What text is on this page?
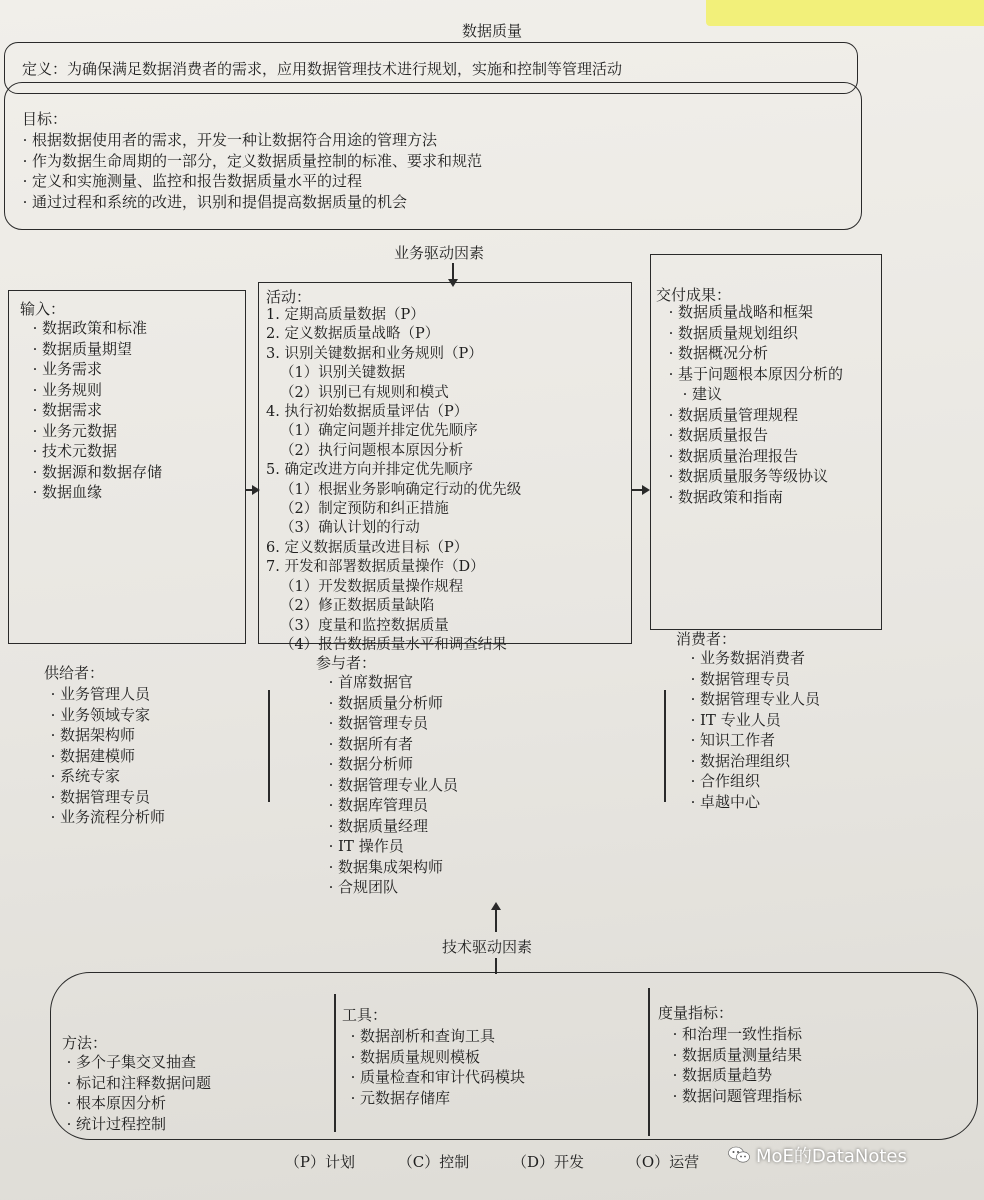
数据质量
定义：为确保满足数据消费者的需求，应用数据管理技术进行规划，实施和控制等管理活动
目标：
· 根据数据使用者的需求，开发一种让数据符合用途的管理方法
· 作为数据生命周期的一部分，定义数据质量控制的标准、要求和规范
· 定义和实施测量、监控和报告数据质量水平的过程
· 通过过程和系统的改进，识别和提倡提高数据质量的机会
业务驱动因素
输入：
· 数据政策和标准
· 数据质量期望
· 业务需求
· 业务规则
· 数据需求
· 业务元数据
· 技术元数据
· 数据源和数据存储
· 数据血缘
活动：
1. 定期高质量数据（P）
2. 定义数据质量战略（P）
3. 识别关键数据和业务规则（P）
（1）识别关键数据
（2）识别已有规则和模式
4. 执行初始数据质量评估（P）
（1）确定问题并排定优先顺序
（2）执行问题根本原因分析
5. 确定改进方向并排定优先顺序
（1）根据业务影响确定行动的优先级
（2）制定预防和纠正措施
（3）确认计划的行动
6. 定义数据质量改进目标（P）
7. 开发和部署数据质量操作（D）
（1）开发数据质量操作规程
（2）修正数据质量缺陷
（3）度量和监控数据质量
（4）报告数据质量水平和调查结果
交付成果：
· 数据质量战略和框架
· 数据质量规划组织
· 数据概况分析
· 基于问题根本原因分析的
· 建议
· 数据质量管理规程
· 数据质量报告
· 数据质量治理报告
· 数据质量服务等级协议
· 数据政策和指南
供给者：
· 业务管理人员
· 业务领域专家
· 数据架构师
· 数据建模师
· 系统专家
· 数据管理专员
· 业务流程分析师
参与者：
· 首席数据官
· 数据质量分析师
· 数据管理专员
· 数据所有者
· 数据分析师
· 数据管理专业人员
· 数据库管理员
· 数据质量经理
· IT 操作员
· 数据集成架构师
· 合规团队
消费者：
· 业务数据消费者
· 数据管理专员
· 数据管理专业人员
· IT 专业人员
· 知识工作者
· 数据治理组织
· 合作组织
· 卓越中心
技术驱动因素
方法：
· 多个子集交叉抽查
· 标记和注释数据问题
· 根本原因分析
· 统计过程控制
工具：
· 数据剖析和查询工具
· 数据质量规则模板
· 质量检查和审计代码模块
· 元数据存储库
度量指标：
· 和治理一致性指标
· 数据质量测量结果
· 数据质量趋势
· 数据问题管理指标
（P）计划	（C）控制	（D）开发	（O）运营	MoE的DataNotes
